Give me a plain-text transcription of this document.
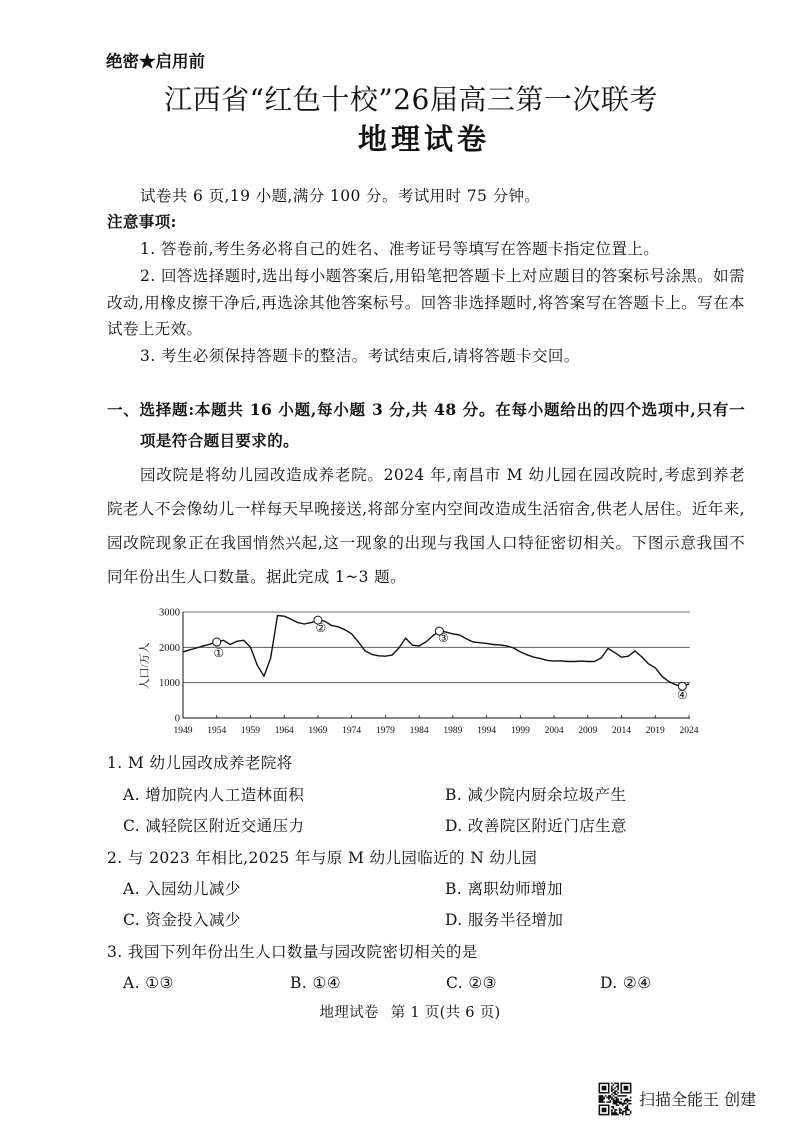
绝密★启用前
江西省“红色十校”26届高三第一次联考
地理试卷
试卷共 6 页,19 小题,满分 100 分。考试用时 75 分钟。
注意事项:
1. 答卷前,考生务必将自己的姓名、准考证号等填写在答题卡指定位置上。
2. 回答选择题时,选出每小题答案后,用铅笔把答题卡上对应题目的答案标号涂黑。如需改动,用橡皮擦干净后,再选涂其他答案标号。回答非选择题时,将答案写在答题卡上。写在本试卷上无效。
3. 考生必须保持答题卡的整洁。考试结束后,请将答题卡交回。
一、选择题:本题共 16 小题,每小题 3 分,共 48 分。在每小题给出的四个选项中,只有一项是符合题目要求的。
园改院是将幼儿园改造成养老院。2024 年,南昌市 M 幼儿园在园改院时,考虑到养老院老人不会像幼儿一样每天早晚接送,将部分室内空间改造成生活宿舍,供老人居住。近年来,园改院现象正在我国悄然兴起,这一现象的出现与我国人口特征密切相关。下图示意我国不同年份出生人口数量。据此完成 1~3 题。
0
1000
2000
3000
1949 1954 1959 1964 1969 1974 1979 1984 1989 1994 1999 2004 2009 2014 2019 2024
人口/万人	①
②
③
④
1. M 幼儿园改成养老院将
A. 增加院内人工造林面积	B. 减少院内厨余垃圾产生
C. 减轻院区附近交通压力	D. 改善院区附近门店生意
2. 与 2023 年相比,2025 年与原 M 幼儿园临近的 N 幼儿园
A. 入园幼儿减少	B. 离职幼师增加
C. 资金投入减少	D. 服务半径增加
3. 我国下列年份出生人口数量与园改院密切相关的是
A. ①③	B. ①④	C. ②③	D. ②④
地理试卷 第 1 页(共 6 页)
扫描全能王 创建
